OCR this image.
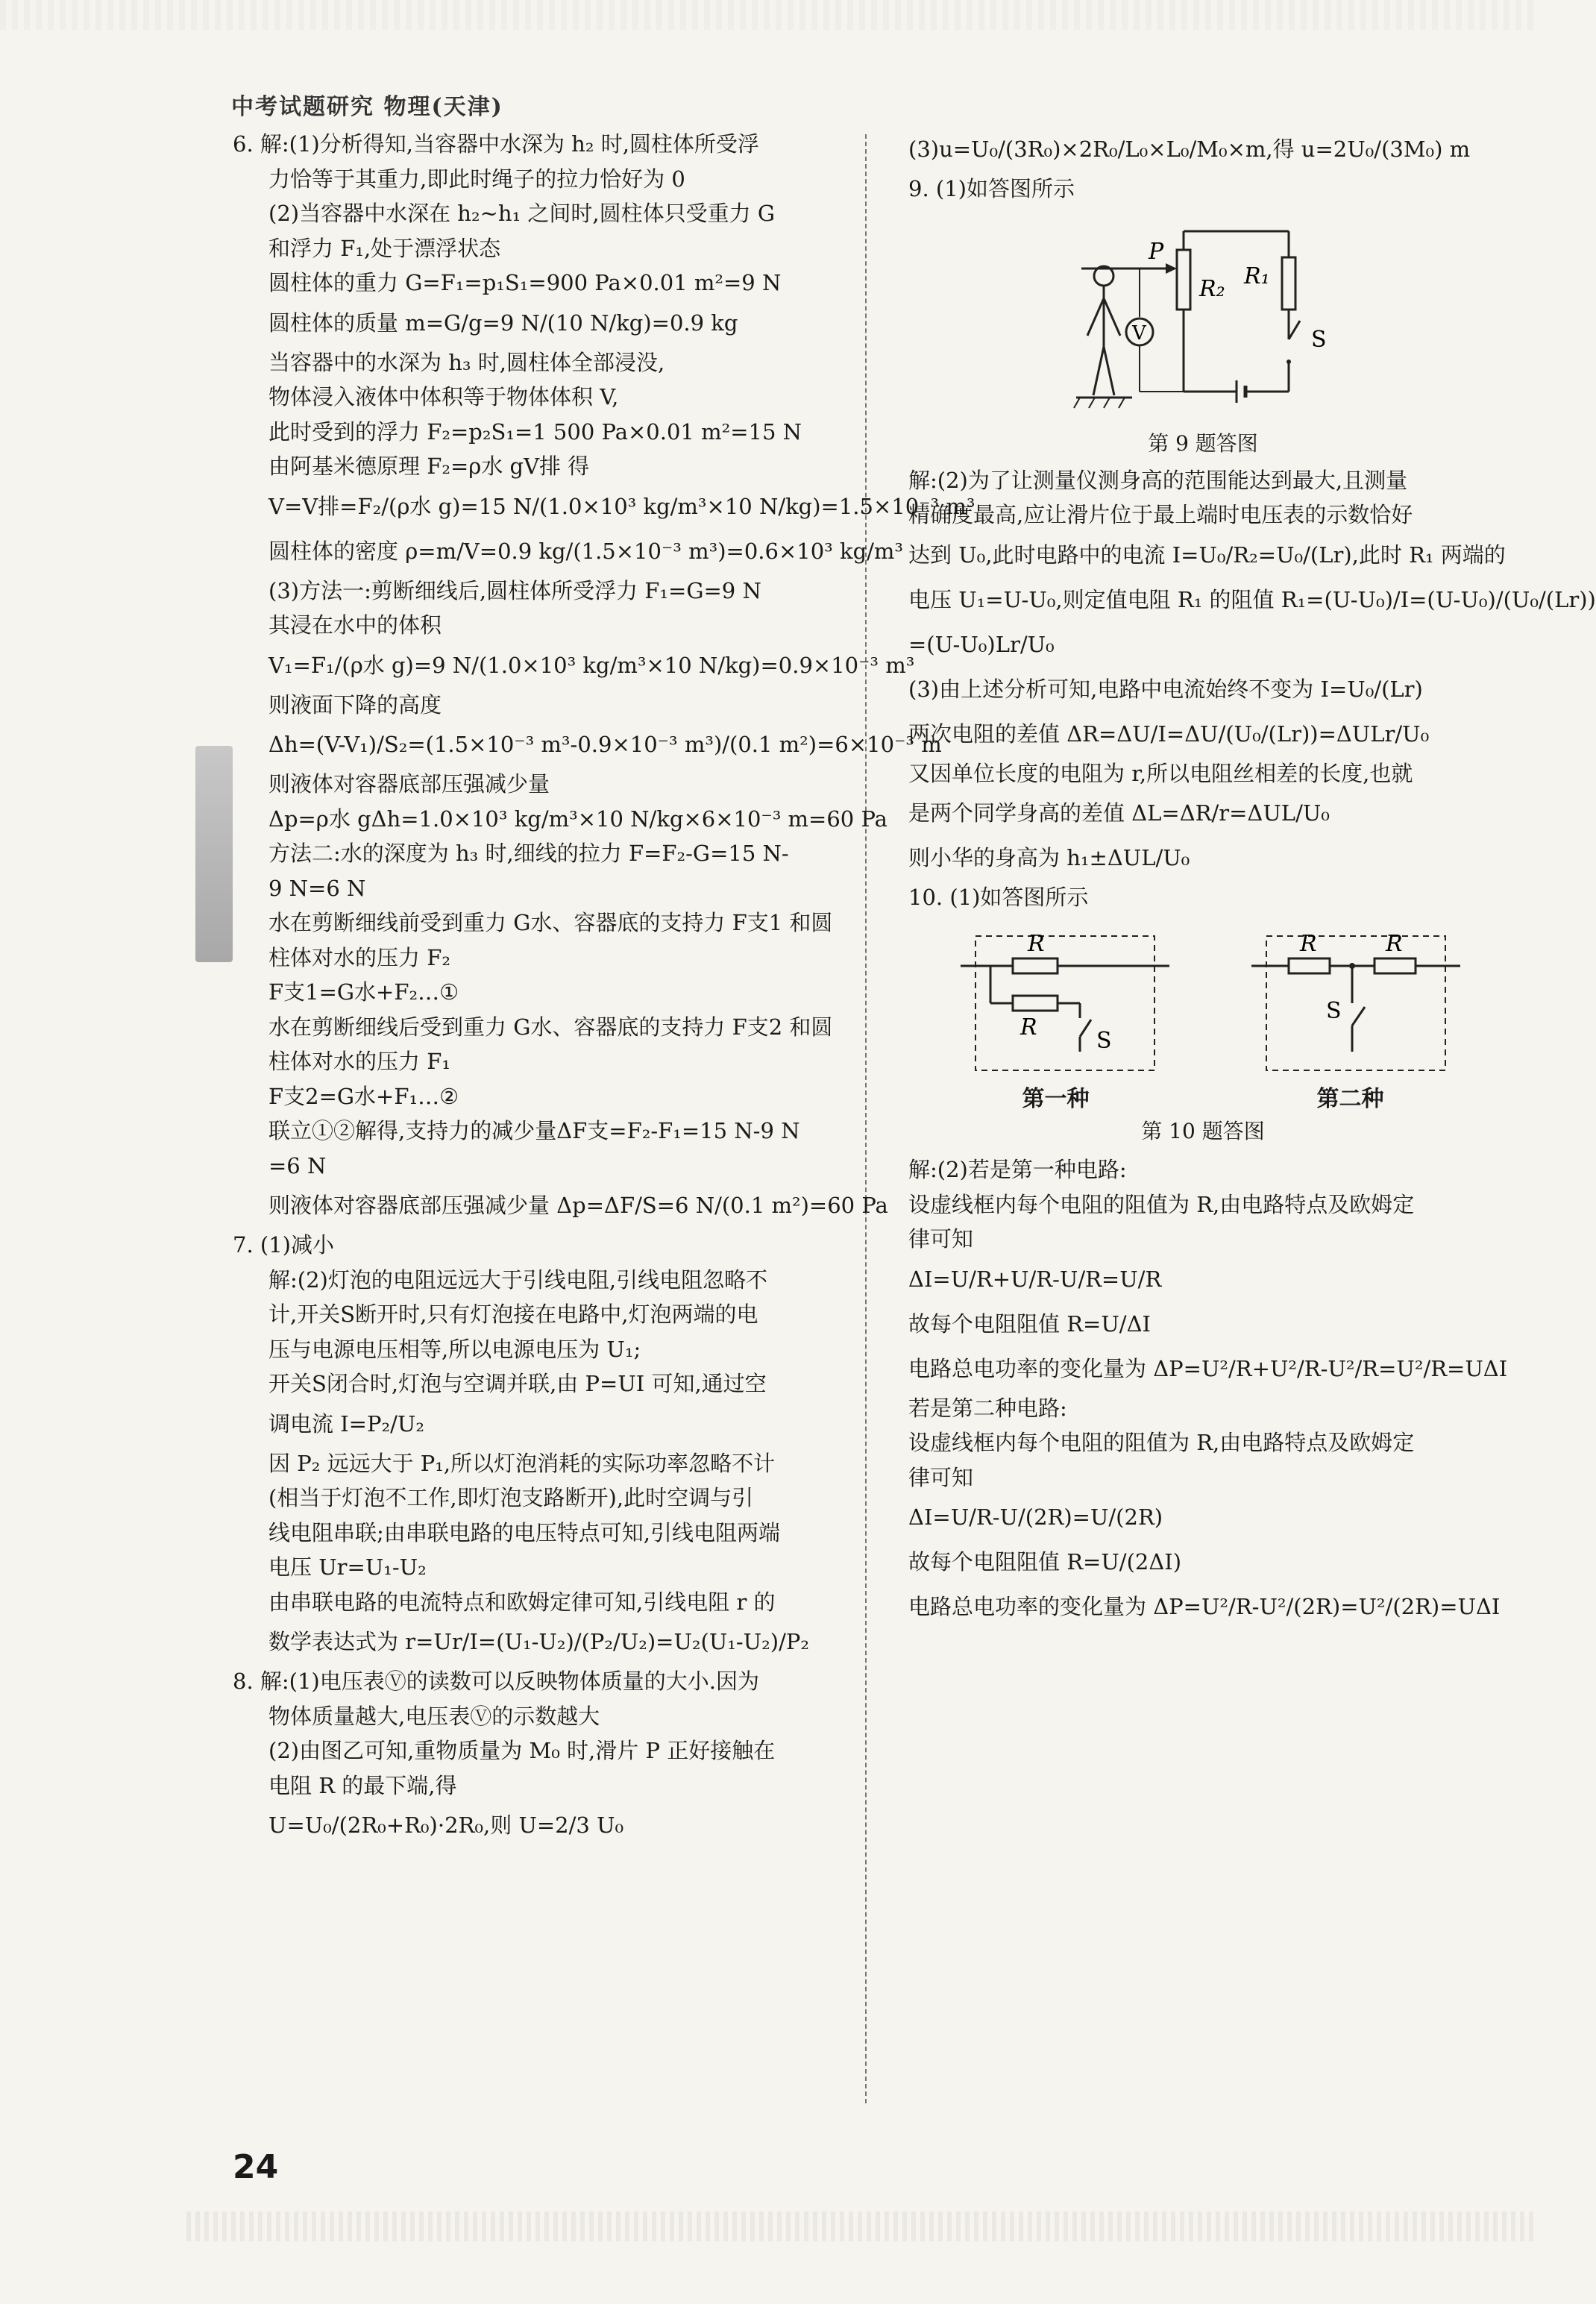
中考试题研究 物理(天津)
6. 解:(1)分析得知,当容器中水深为 h₂ 时,圆柱体所受浮
力恰等于其重力,即此时绳子的拉力恰好为 0
(2)当容器中水深在 h₂~h₁ 之间时,圆柱体只受重力 G
和浮力 F₁,处于漂浮状态
圆柱体的重力 G=F₁=p₁S₁=900 Pa×0.01 m²=9 N
圆柱体的质量 m=G/g=9 N/(10 N/kg)=0.9 kg
当容器中的水深为 h₃ 时,圆柱体全部浸没,
物体浸入液体中体积等于物体体积 V,
此时受到的浮力 F₂=p₂S₁=1 500 Pa×0.01 m²=15 N
由阿基米德原理 F₂=ρ水 gV排 得
V=V排=F₂/(ρ水 g)=15 N/(1.0×10³ kg/m³×10 N/kg)=1.5×10⁻³ m³
圆柱体的密度 ρ=m/V=0.9 kg/(1.5×10⁻³ m³)=0.6×10³ kg/m³
(3)方法一:剪断细线后,圆柱体所受浮力 F₁=G=9 N
其浸在水中的体积
V₁=F₁/(ρ水 g)=9 N/(1.0×10³ kg/m³×10 N/kg)=0.9×10⁻³ m³
则液面下降的高度
Δh=(V-V₁)/S₂=(1.5×10⁻³ m³-0.9×10⁻³ m³)/(0.1 m²)=6×10⁻³ m
则液体对容器底部压强减少量
Δp=ρ水 gΔh=1.0×10³ kg/m³×10 N/kg×6×10⁻³ m=60 Pa
方法二:水的深度为 h₃ 时,细线的拉力 F=F₂-G=15 N-
9 N=6 N
水在剪断细线前受到重力 G水、容器底的支持力 F支1 和圆
柱体对水的压力 F₂
F支1=G水+F₂…①
水在剪断细线后受到重力 G水、容器底的支持力 F支2 和圆
柱体对水的压力 F₁
F支2=G水+F₁…②
联立①②解得,支持力的减少量ΔF支=F₂-F₁=15 N-9 N
=6 N
则液体对容器底部压强减少量 Δp=ΔF/S=6 N/(0.1 m²)=60 Pa
7. (1)减小
解:(2)灯泡的电阻远远大于引线电阻,引线电阻忽略不
计,开关S断开时,只有灯泡接在电路中,灯泡两端的电
压与电源电压相等,所以电源电压为 U₁;
开关S闭合时,灯泡与空调并联,由 P=UI 可知,通过空
调电流 I=P₂/U₂
因 P₂ 远远大于 P₁,所以灯泡消耗的实际功率忽略不计
(相当于灯泡不工作,即灯泡支路断开),此时空调与引
线电阻串联;由串联电路的电压特点可知,引线电阻两端
电压 Ur=U₁-U₂
由串联电路的电流特点和欧姆定律可知,引线电阻 r 的
数学表达式为 r=Ur/I=(U₁-U₂)/(P₂/U₂)=U₂(U₁-U₂)/P₂
8. 解:(1)电压表Ⓥ的读数可以反映物体质量的大小.因为
物体质量越大,电压表Ⓥ的示数越大
(2)由图乙可知,重物质量为 M₀ 时,滑片 P 正好接触在
电阻 R 的最下端,得
U=U₀/(2R₀+R₀)·2R₀,则 U=2/3 U₀
(3)u=U₀/(3R₀)×2R₀/L₀×L₀/M₀×m,得 u=2U₀/(3M₀) m
9. (1)如答图所示
P
R₂ R₁
S
V
第 9 题答图
解:(2)为了让测量仪测身高的范围能达到最大,且测量
精确度最高,应让滑片位于最上端时电压表的示数恰好
达到 U₀,此时电路中的电流 I=U₀/R₂=U₀/(Lr),此时 R₁ 两端的
电压 U₁=U-U₀,则定值电阻 R₁ 的阻值 R₁=(U-U₀)/I=(U-U₀)/(U₀/(Lr))
=(U-U₀)Lr/U₀
(3)由上述分析可知,电路中电流始终不变为 I=U₀/(Lr)
两次电阻的差值 ΔR=ΔU/I=ΔU/(U₀/(Lr))=ΔULr/U₀
又因单位长度的电阻为 r,所以电阻丝相差的长度,也就
是两个同学身高的差值 ΔL=ΔR/r=ΔUL/U₀
则小华的身高为 h₁±ΔUL/U₀
10. (1)如答图所示
R
R
S
R	R
S
第一种	第二种
第 10 题答图
解:(2)若是第一种电路:
设虚线框内每个电阻的阻值为 R,由电路特点及欧姆定
律可知
ΔI=U/R+U/R-U/R=U/R
故每个电阻阻值 R=U/ΔI
电路总电功率的变化量为 ΔP=U²/R+U²/R-U²/R=U²/R=UΔI
若是第二种电路:
设虚线框内每个电阻的阻值为 R,由电路特点及欧姆定
律可知
ΔI=U/R-U/(2R)=U/(2R)
故每个电阻阻值 R=U/(2ΔI)
电路总电功率的变化量为 ΔP=U²/R-U²/(2R)=U²/(2R)=UΔI
24
